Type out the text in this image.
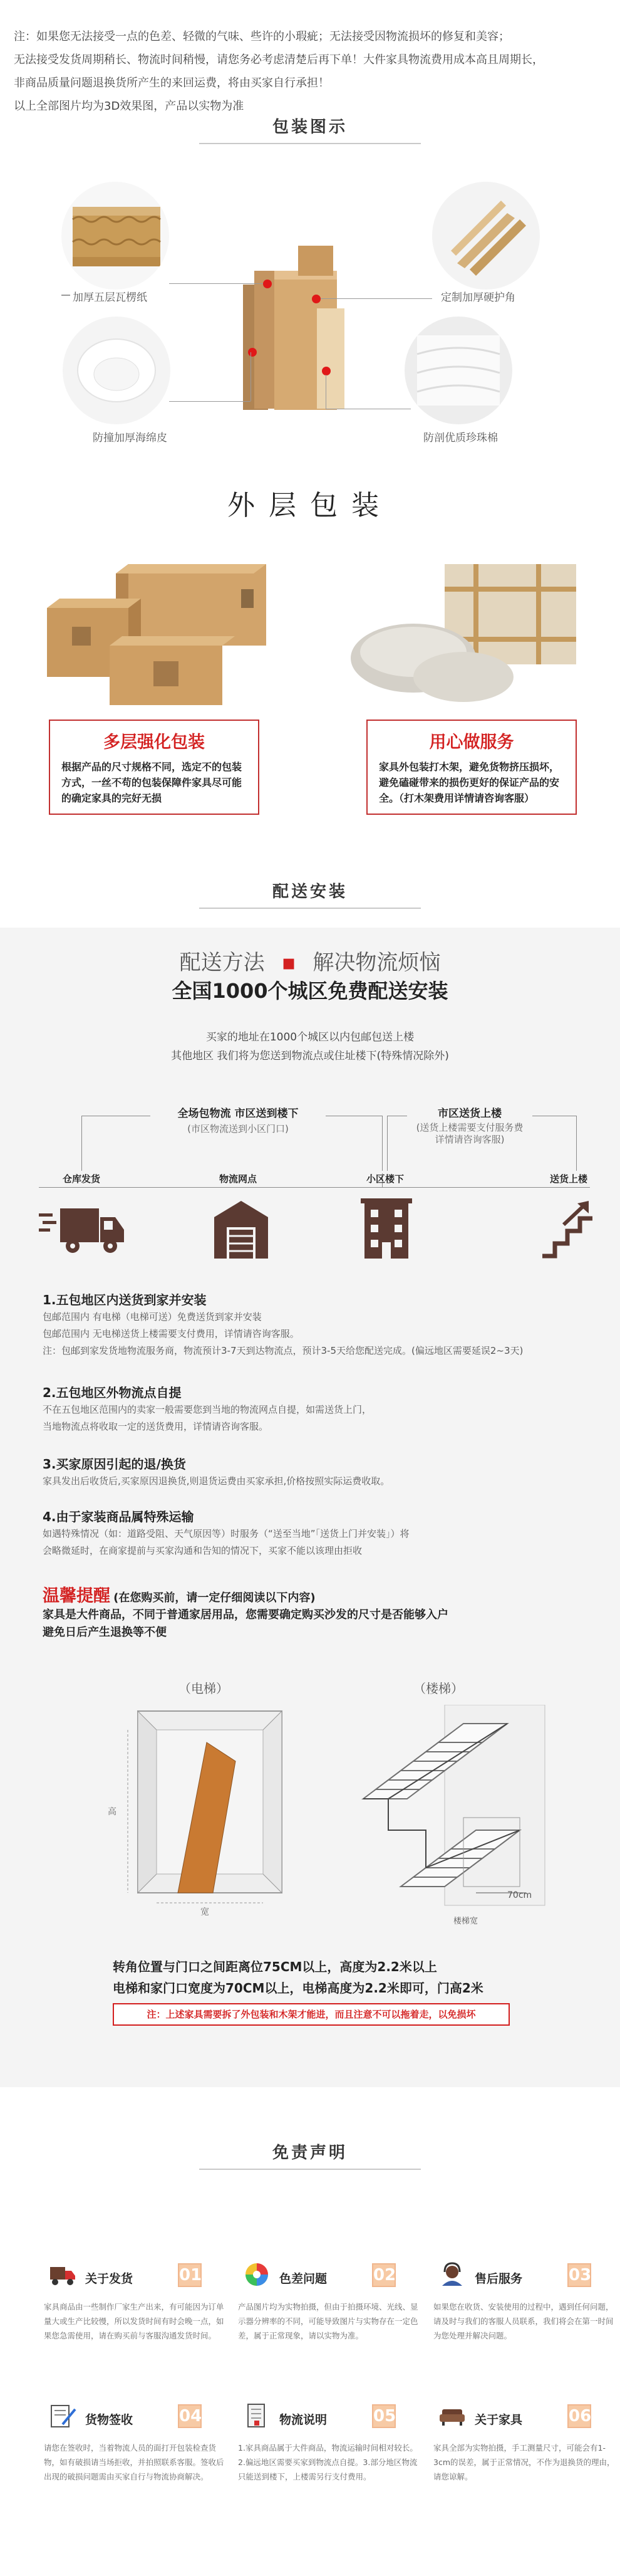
注：如果您无法接受一点的色差、轻微的气味、些许的小瑕疵；无法接受因物流损坏的修复和美容；

无法接受发货周期稍长、物流时间稍慢，请您务必考虑清楚后再下单！大件家具物流费用成本高且周期长，

非商品质量问题退换货所产生的来回运费，将由买家自行承担！

以上全部图片均为3D效果图，产品以实物为准

包装图示
加厚五层瓦楞纸	定制加厚硬护角
防撞加厚海绵皮	防剖优质珍珠棉
外层包装
多层强化包装
根据产品的尺寸规格不同，选定不的包装方式，一丝不苟的包装保障件家具尽可能的确定家具的完好无损
用心做服务
家具外包装打木架，避免货物挤压损坏，避免磕碰带来的损伤更好的保证产品的安全。（打木架费用详情请咨询客服）
配送安装
配送方法 ▪ 解决物流烦恼
全国1000个城区免费配送安装
买家的地址在1000个城区以内包邮包送上楼
其他地区 我们将为您送到物流点或住址楼下(特殊情况除外)
全场包物流 市区送到楼下
(市区物流送到小区门口)
市区送货上楼
(送货上楼需要支付服务费
详情请咨询客服)
仓库发货	物流网点	小区楼下	送货上楼
1.五包地区内送货到家并安装
包邮范围内 有电梯（电梯可送）免费送货到家并安装
包邮范围内 无电梯送货上楼需要支付费用，详情请咨询客服。
注：包邮到家发货地物流服务商，物流预计3-7天到达物流点，预计3-5天给您配送完成。(偏远地区需要延误2~3天)
2.五包地区外物流点自提
不在五包地区范围内的卖家一般需要您到当地的物流网点自提，如需送货上门，
当地物流点将收取一定的送货费用，详情请咨询客服。
3.买家原因引起的退/换货
家具发出后收货后,买家原因退换货,则退货运费由买家承担,价格按照实际运费收取。
4.由于家装商品属特殊运输
如遇特殊情况（如：道路受阻、天气原因等）时服务（“送至当地”「送货上门并安装」）将
会略微延时，在商家提前与买家沟通和告知的情况下，买家不能以该理由拒收
温馨提醒 (在您购买前，请一定仔细阅读以下内容)
家具是大件商品，不同于普通家居用品，您需要确定购买沙发的尺寸是否能够入户
避免日后产生退换等不便
（电梯）	（楼梯）
高
宽
70cm
楼梯宽
转角位置与门口之间距离位75CM以上，高度为2.2米以上
电梯和家门口宽度为70CM以上，电梯高度为2.2米即可，门高2米
注：上述家具需要拆了外包装和木架才能进，而且注意不可以拖着走，以免损坏
免责声明
关于发货	01
家具商品由一些制作厂家生产出来，有可能因为订单量大或生产比较慢，所以发货时间有时会晚一点，如果您急需使用，请在购买前与客服沟通发货时间。
色差问题	02
产品图片均为实物拍摄，但由于拍摄环境、光线、显示器分辨率的不同，可能导致图片与实物存在一定色差，属于正常现象，请以实物为准。
售后服务	03
如果您在收货、安装使用的过程中，遇到任何问题，请及时与我们的客服人员联系，我们将会在第一时间为您处理并解决问题。
货物签收	04
请您在签收时，当着物流人员的面打开包装检查货物，如有破损请当场拒收，并拍照联系客服。签收后出现的破损问题需由买家自行与物流协商解决。
物流说明	05
1.家具商品属于大件商品，物流运输时间相对较长。2.偏远地区需要买家到物流点自提。3.部分地区物流只能送到楼下，上楼需另行支付费用。
关于家具	06
家具全部为实物拍摄，手工测量尺寸，可能会有1-3cm的误差，属于正常情况，不作为退换货的理由，请您谅解。
